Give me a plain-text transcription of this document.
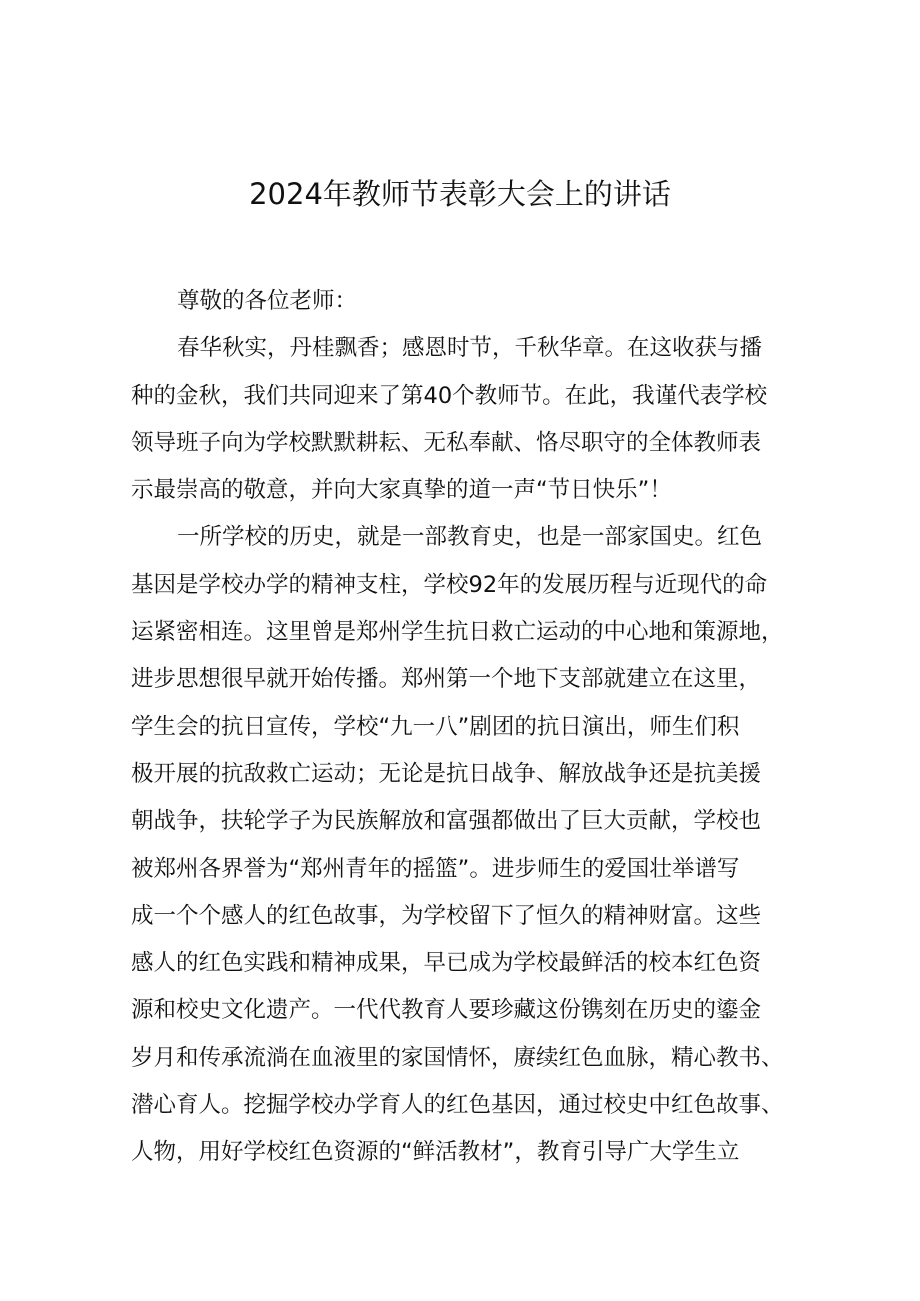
2024年教师节表彰大会上的讲话
尊敬的各位老师：
春华秋实，丹桂飘香；感恩时节，千秋华章。在这收获与播
种的金秋，我们共同迎来了第40个教师节。在此，我谨代表学校
领导班子向为学校默默耕耘、无私奉献、恪尽职守的全体教师表
示最崇高的敬意，并向大家真挚的道一声“节日快乐”！
一所学校的历史，就是一部教育史，也是一部家国史。红色
基因是学校办学的精神支柱，学校92年的发展历程与近现代的命
运紧密相连。这里曾是郑州学生抗日救亡运动的中心地和策源地，
进步思想很早就开始传播。郑州第一个地下支部就建立在这里，
学生会的抗日宣传，学校“九一八”剧团的抗日演出，师生们积
极开展的抗敌救亡运动；无论是抗日战争、解放战争还是抗美援
朝战争，扶轮学子为民族解放和富强都做出了巨大贡献，学校也
被郑州各界誉为“郑州青年的摇篮”。进步师生的爱国壮举谱写
成一个个感人的红色故事，为学校留下了恒久的精神财富。这些
感人的红色实践和精神成果，早已成为学校最鲜活的校本红色资
源和校史文化遗产。一代代教育人要珍藏这份镌刻在历史的鎏金
岁月和传承流淌在血液里的家国情怀，赓续红色血脉，精心教书、
潜心育人。挖掘学校办学育人的红色基因，通过校史中红色故事、
人物，用好学校红色资源的“鲜活教材”，教育引导广大学生立
